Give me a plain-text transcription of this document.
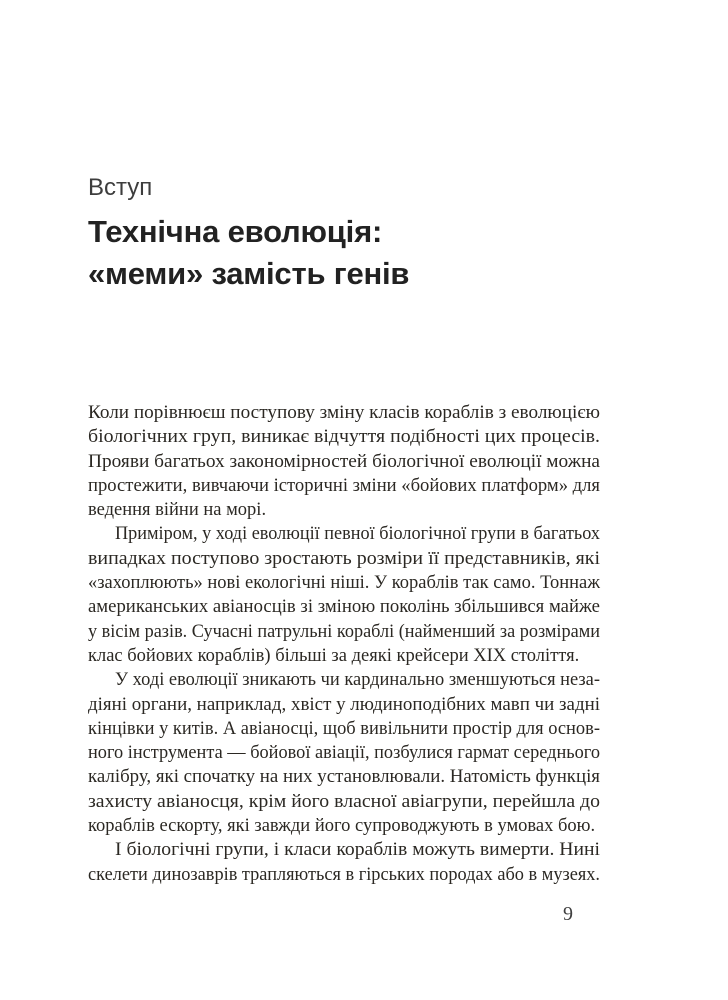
Вступ
Технічна еволюція:
«меми» замість генів
Коли порівнюєш поступову зміну класів кораблів з еволюцією
біологічних груп, виникає відчуття подібності цих процесів.
Прояви багатьох закономірностей біологічної еволюції можна
простежити, вивчаючи історичні зміни «бойових платформ» для
ведення війни на морі.
Приміром, у ході еволюції певної біологічної групи в багатьох
випадках поступово зростають розміри її представників, які
«захоплюють» нові екологічні ніші. У кораблів так само. Тоннаж
американських авіаносців зі зміною поколінь збільшився майже
у вісім разів. Сучасні патрульні кораблі (найменший за розмірами
клас бойових кораблів) більші за деякі крейсери XIX століття.
У ході еволюції зникають чи кардинально зменшуються неза-
діяні органи, наприклад, хвіст у людиноподібних мавп чи задні
кінцівки у китів. А авіаносці, щоб вивільнити простір для основ-
ного інструмента — бойової авіації, позбулися гармат середнього
калібру, які спочатку на них установлювали. Натомість функція
захисту авіаносця, крім його власної авіагрупи, перейшла до
кораблів ескорту, які завжди його супроводжують в умовах бою.
І біологічні групи, і класи кораблів можуть вимерти. Нині
скелети динозаврів трапляються в гірських породах або в музеях.
9
